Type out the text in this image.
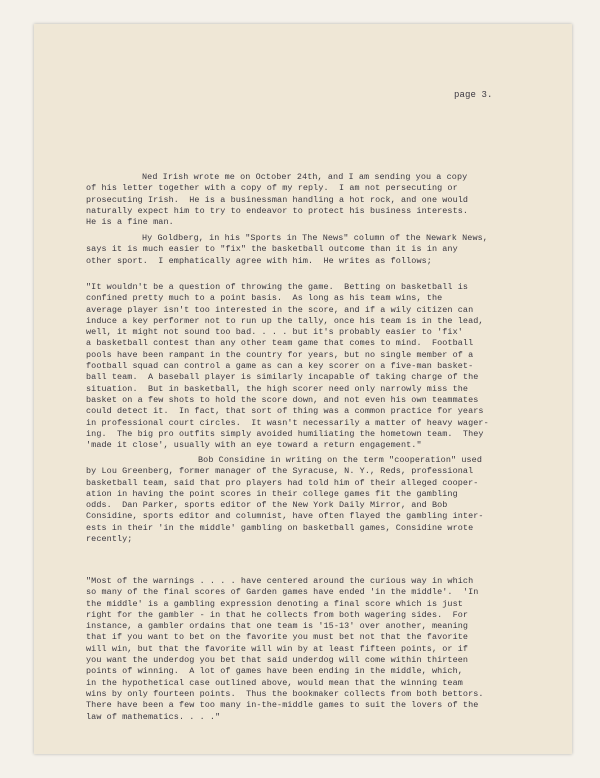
page 3.
Ned Irish wrote me on October 24th, and I am sending you a copy
of his letter together with a copy of my reply.  I am not persecuting or
prosecuting Irish.  He is a businessman handling a hot rock, and one would
naturally expect him to try to endeavor to protect his business interests.
He is a fine man.
Hy Goldberg, in his "Sports in The News" column of the Newark News,
says it is much easier to "fix" the basketball outcome than it is in any
other sport.  I emphatically agree with him.  He writes as follows;
"It wouldn't be a question of throwing the game.  Betting on basketball is
confined pretty much to a point basis.  As long as his team wins, the
average player isn't too interested in the score, and if a wily citizen can
induce a key performer not to run up the tally, once his team is in the lead,
well, it might not sound too bad. . . . but it's probably easier to 'fix'
a basketball contest than any other team game that comes to mind.  Football
pools have been rampant in the country for years, but no single member of a
football squad can control a game as can a key scorer on a five-man basket-
ball team.  A baseball player is similarly incapable of taking charge of the
situation.  But in basketball, the high scorer need only narrowly miss the
basket on a few shots to hold the score down, and not even his own teammates
could detect it.  In fact, that sort of thing was a common practice for years
in professional court circles.  It wasn't necessarily a matter of heavy wager-
ing.  The big pro outfits simply avoided humiliating the hometown team.  They
'made it close', usually with an eye toward a return engagement."
Bob Considine in writing on the term "cooperation" used
by Lou Greenberg, former manager of the Syracuse, N. Y., Reds, professional
basketball team, said that pro players had told him of their alleged cooper-
ation in having the point scores in their college games fit the gambling
odds.  Dan Parker, sports editor of the New York Daily Mirror, and Bob
Considine, sports editor and columnist, have often flayed the gambling inter-
ests in their 'in the middle' gambling on basketball games, Considine wrote
recently;
"Most of the warnings . . . . have centered around the curious way in which
so many of the final scores of Garden games have ended 'in the middle'.  'In
the middle' is a gambling expression denoting a final score which is just
right for the gambler - in that he collects from both wagering sides.  For
instance, a gambler ordains that one team is '15-13' over another, meaning
that if you want to bet on the favorite you must bet not that the favorite
will win, but that the favorite will win by at least fifteen points, or if
you want the underdog you bet that said underdog will come within thirteen
points of winning.  A lot of games have been ending in the middle, which,
in the hypothetical case outlined above, would mean that the winning team
wins by only fourteen points.  Thus the bookmaker collects from both bettors.
There have been a few too many in-the-middle games to suit the lovers of the
law of mathematics. . . ."
